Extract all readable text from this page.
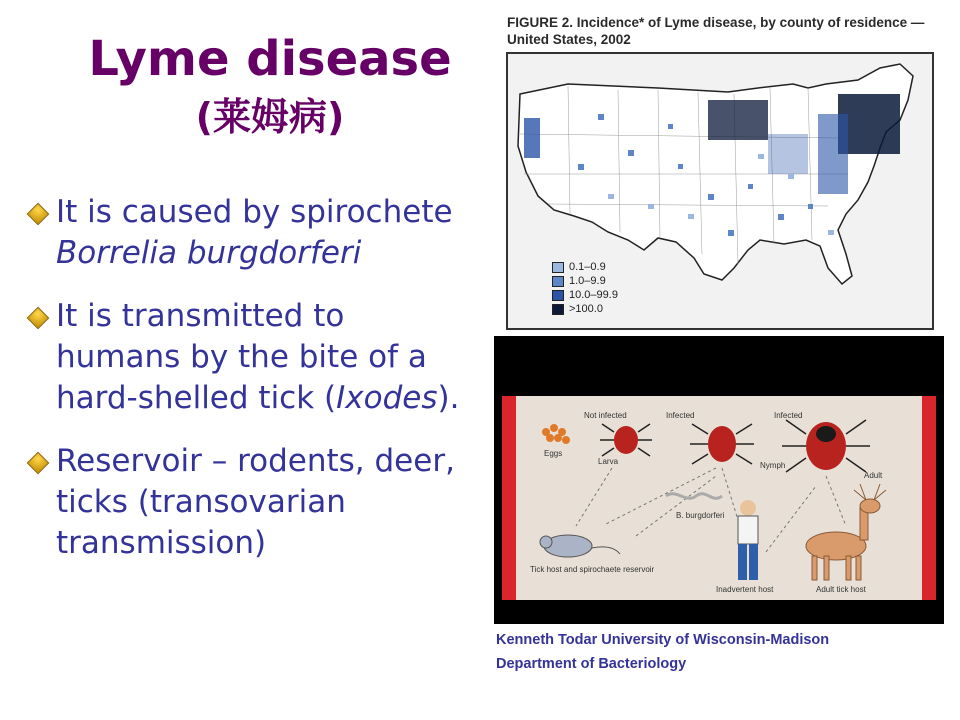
Lyme disease
(莱姆病)
It is caused by spirochete Borrelia burgdorferi
It is transmitted to humans by the bite of a hard-shelled tick (Ixodes).
Reservoir – rodents, deer, ticks (transovarian transmission)
FIGURE 2. Incidence* of Lyme disease, by county of residence — United States, 2002
0.1–0.9
1.0–9.9
10.0–99.9
>100.0
Eggs
Not infected
Larva
Infected	Infected
Nymph
Adult
B. burgdorferi
Tick host and spirochaete reservoir
Inadvertent host	Adult tick host
Kenneth Todar University of Wisconsin-Madison
Department of Bacteriology
